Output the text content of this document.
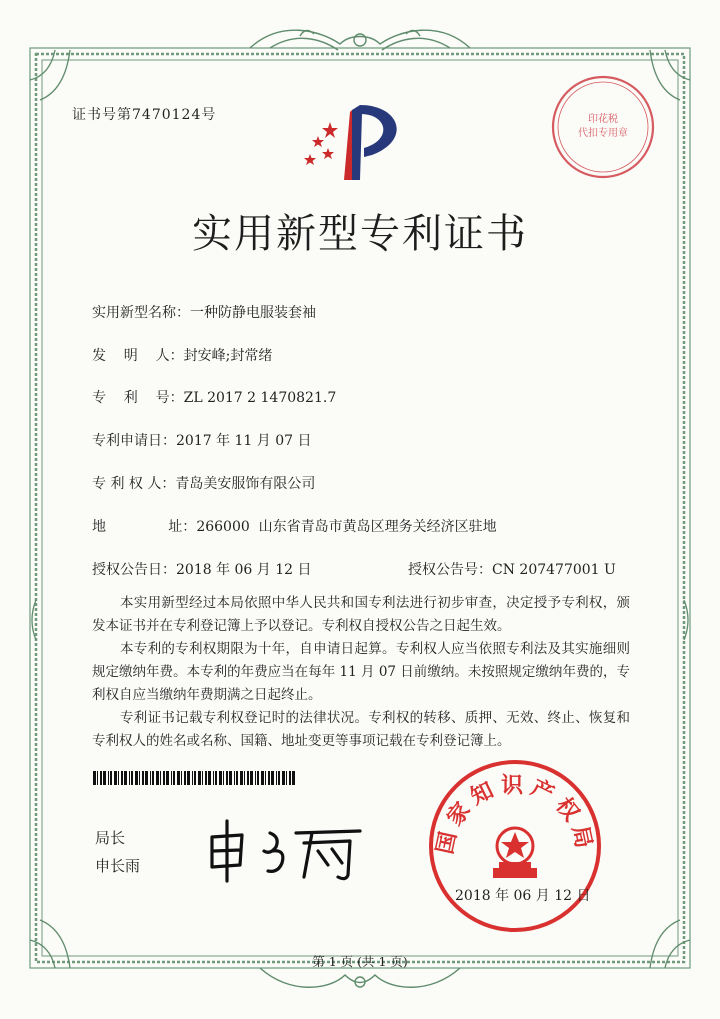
证书号第7470124号	印花税
代扣专用章
实用新型专利证书
实用新型名称：一种防静电服装套袖
发    明    人：封安峰;封常绪
专    利    号：ZL 2017 2 1470821.7
专利申请日：2017 年 11 月 07 日
专 利 权 人：青岛美安服饰有限公司
地              址：266000  山东省青岛市黄岛区理务关经济区驻地
授权公告日：2018 年 06 月 12 日	授权公告号：CN 207477001 U
本实用新型经过本局依照中华人民共和国专利法进行初步审查，决定授予专利权，颁发本证书并在专利登记簿上予以登记。专利权自授权公告之日起生效。
本专利的专利权期限为十年，自申请日起算。专利权人应当依照专利法及其实施细则规定缴纳年费。本专利的年费应当在每年 11 月 07 日前缴纳。未按照规定缴纳年费的，专利权自应当缴纳年费期满之日起终止。
专利证书记载专利权登记时的法律状况。专利权的转移、质押、无效、终止、恢复和专利权人的姓名或名称、国籍、地址变更等事项记载在专利登记簿上。
局长
申长雨
国家知识产权局
2018 年 06 月 12 日
第 1 页 (共 1 页)
